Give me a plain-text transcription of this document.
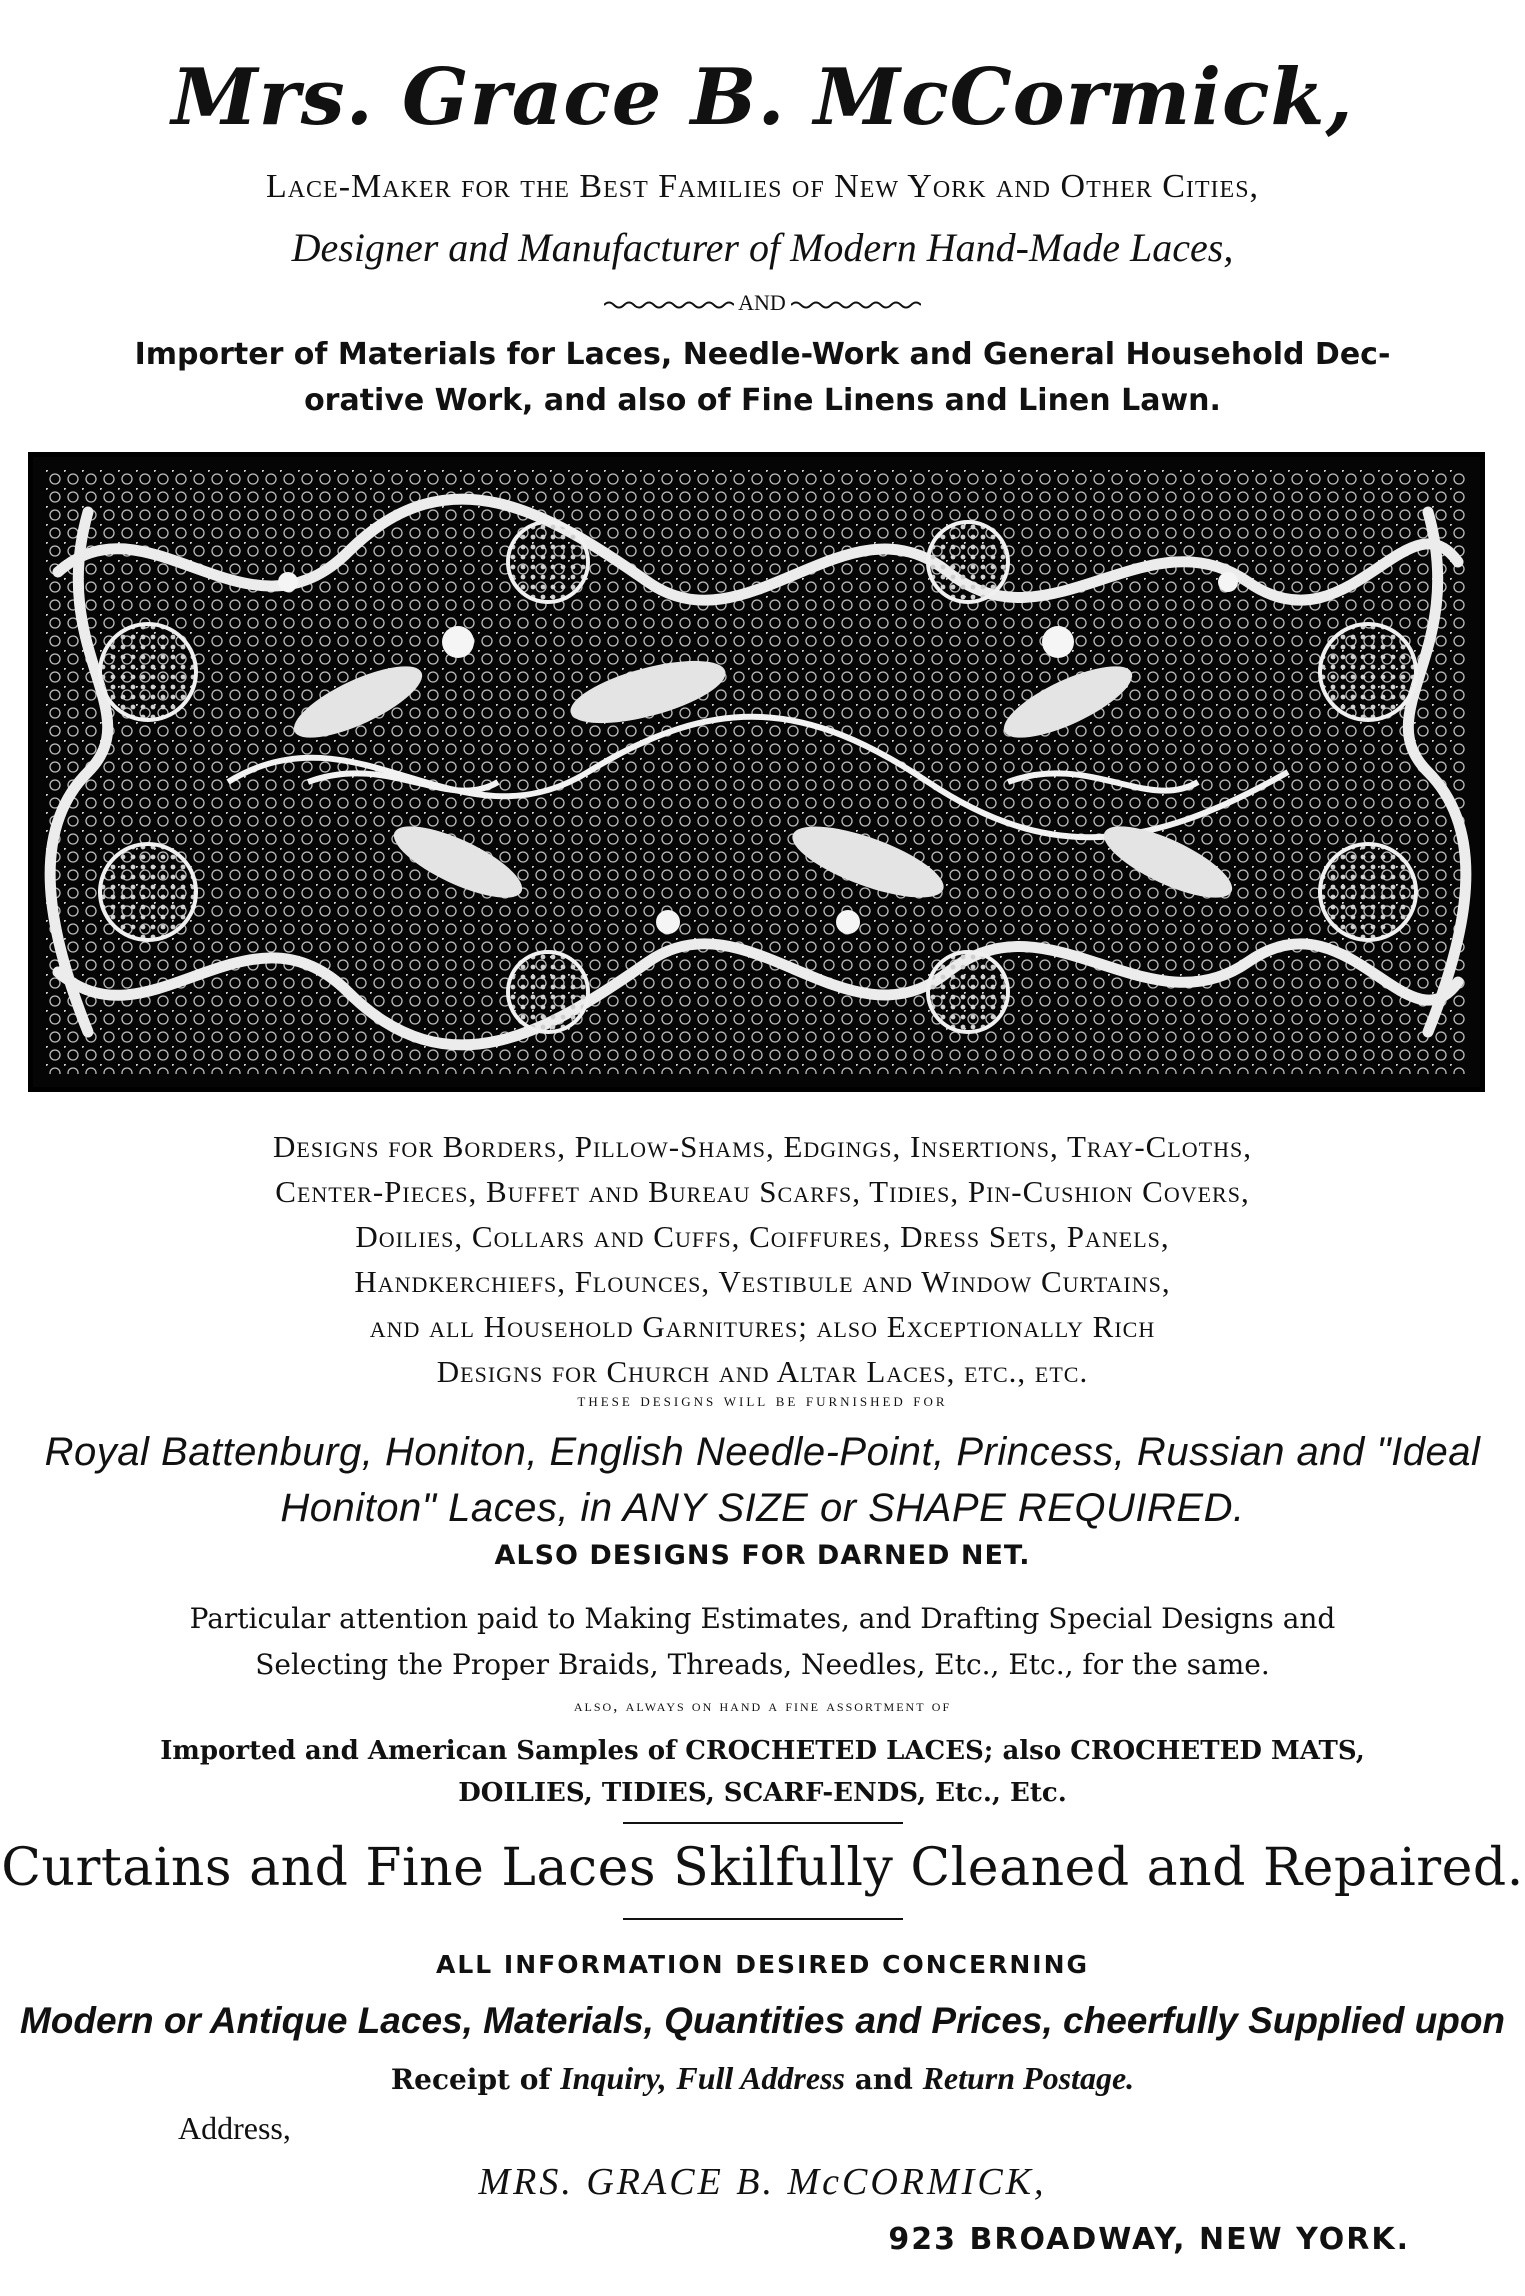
Mrs. Grace B. McCormick,
Lace-Maker for the Best Families of New York and Other Cities,
Designer and Manufacturer of Modern Hand-Made Laces,
AND
Importer of Materials for Laces, Needle-Work and General Household Dec-
orative Work, and also of Fine Linens and Linen Lawn.
Designs for Borders, Pillow-Shams, Edgings, Insertions, Tray-Cloths,
Center-Pieces, Buffet and Bureau Scarfs, Tidies, Pin-Cushion Covers,
Doilies, Collars and Cuffs, Coiffures, Dress Sets, Panels,
Handkerchiefs, Flounces, Vestibule and Window Curtains,
and all Household Garnitures; also Exceptionally Rich
Designs for Church and Altar Laces, etc., etc.
these designs will be furnished for
Royal Battenburg, Honiton, English Needle-Point, Princess, Russian and "Ideal
Honiton" Laces, in ANY SIZE or SHAPE REQUIRED.
ALSO DESIGNS FOR DARNED NET.
Particular attention paid to Making Estimates, and Drafting Special Designs and
Selecting the Proper Braids, Threads, Needles, Etc., Etc., for the same.
also, always on hand a fine assortment of
Imported and American Samples of CROCHETED LACES; also CROCHETED MATS,
DOILIES, TIDIES, SCARF-ENDS, Etc., Etc.
Curtains and Fine Laces Skilfully Cleaned and Repaired.
ALL INFORMATION DESIRED CONCERNING
Modern or Antique Laces, Materials, Quantities and Prices, cheerfully Supplied upon
Receipt of Inquiry, Full Address and Return Postage.
Address,
MRS. GRACE B. McCORMICK,
923 BROADWAY, NEW YORK.
